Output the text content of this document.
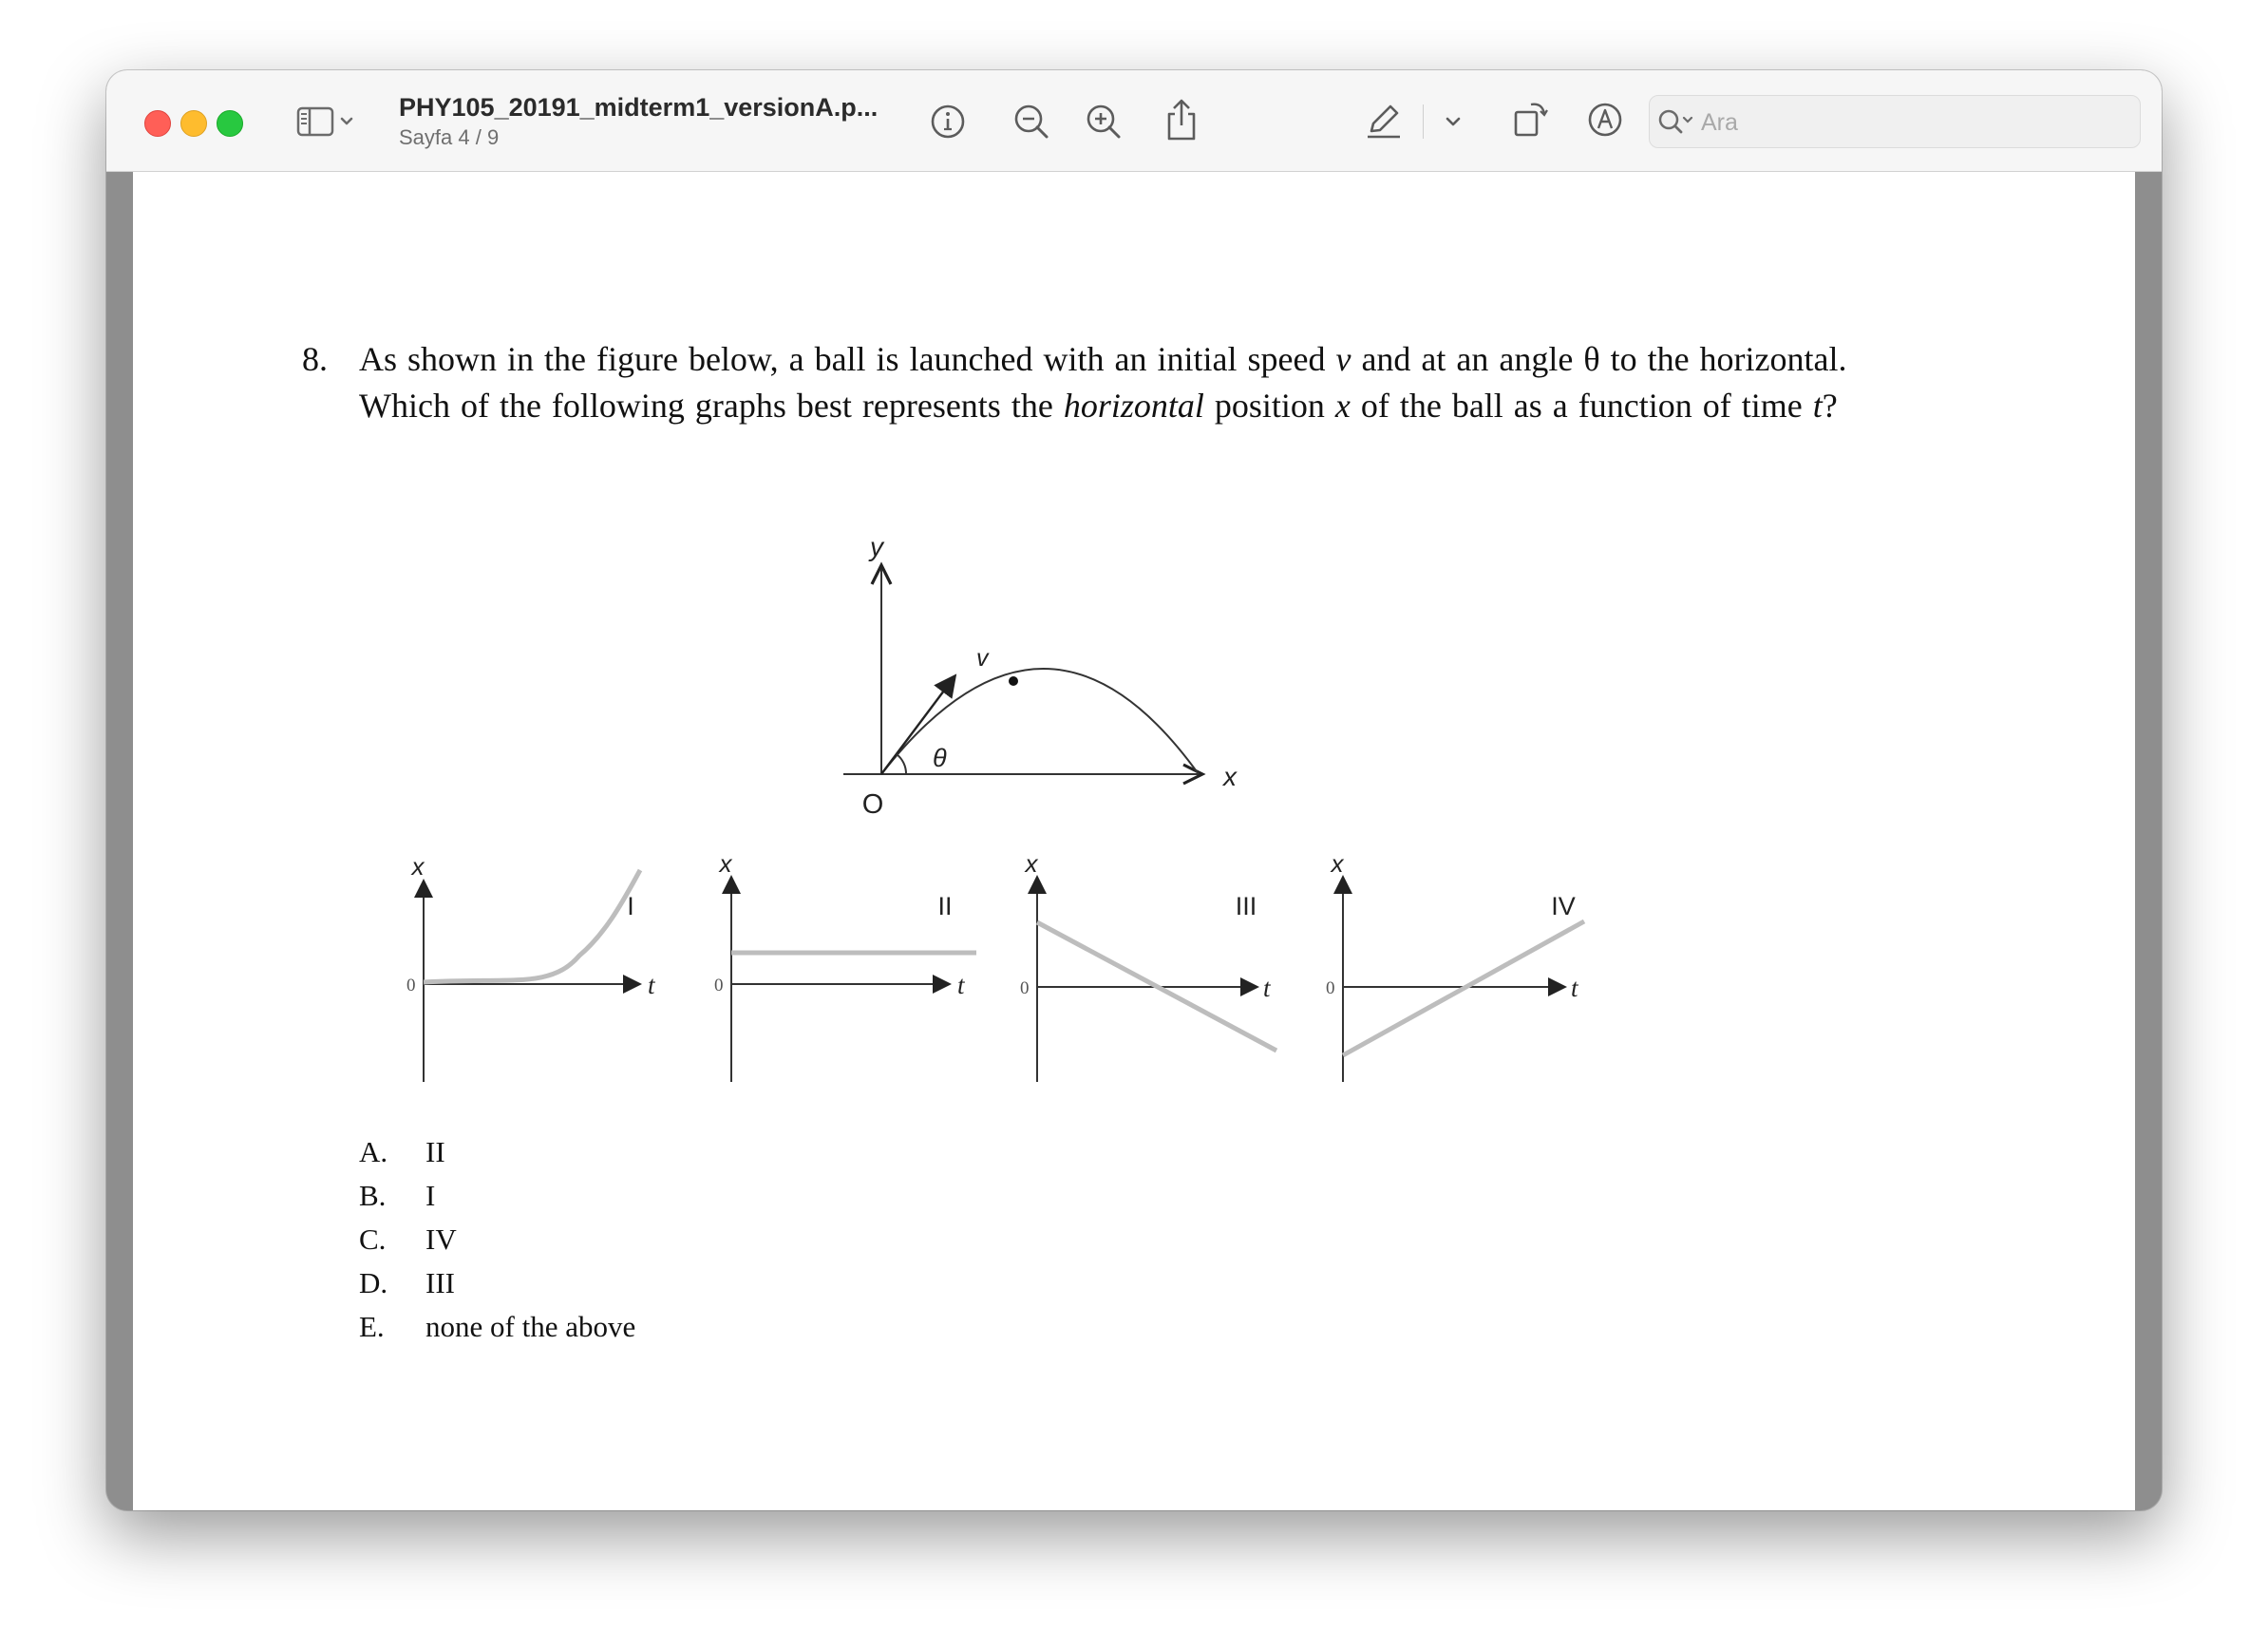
PHY105_20191_midterm1_versionA.p...
Sayfa 4 / 9
Ara
8. As shown in the figure below, a ball is launched with an initial speed v and at an angle θ to the horizontal.
Which of the following graphs best represents the horizontal position x of the ball as a function of time t?
y
x
O
v
θ
I
x
t
0
II
x
t
0
III
x
t
0
IV
x
t
0
A. II
B. I
C. IV
D. III
E. none of the above
